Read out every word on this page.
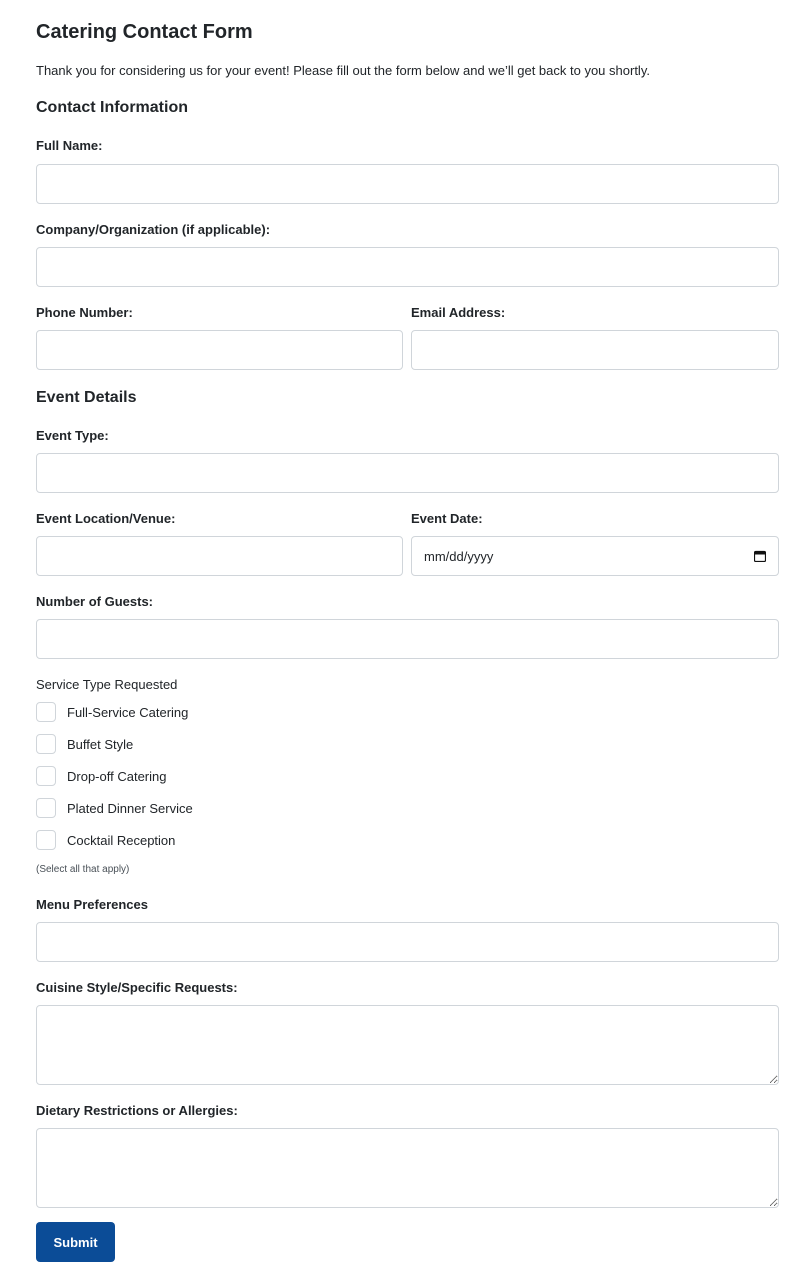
Catering Contact Form
Thank you for considering us for your event! Please fill out the form below and we’ll get back to you shortly.
Contact Information
Full Name:
Company/Organization (if applicable):
Phone Number:	Email Address:
Event Details
Event Type:
Event Location/Venue:	Event Date:
mm/dd/yyyy
Number of Guests:
Service Type Requested
Full-Service Catering
Buffet Style
Drop-off Catering
Plated Dinner Service
Cocktail Reception
(Select all that apply)
Menu Preferences
Cuisine Style/Specific Requests:
Dietary Restrictions or Allergies:
Submit
